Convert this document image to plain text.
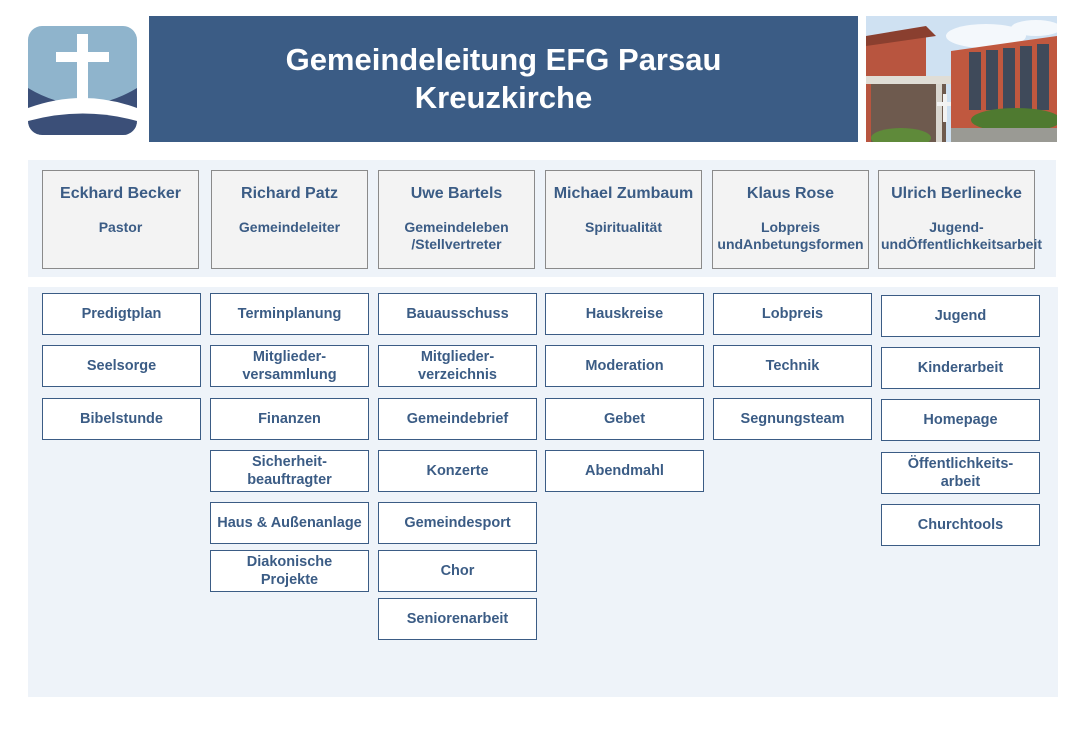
Gemeindeleitung EFG Parsau
Kreuzkirche
Eckhard Becker
Pastor
Richard Patz
Gemeindeleiter
Uwe Bartels
Gemeindeleben /Stellvertreter
Michael Zumbaum
Spiritualität
Klaus Rose
Lobpreis undAnbetungsformen
Ulrich Berlinecke
Jugend- undÖffentlichkeitsarbeit
Predigtplan
Seelsorge
Bibelstunde
Terminplanung
Mitglieder-
versammlung
Finanzen
Sicherheit-
beauftragter
Haus & Außenanlage
Diakonische
Projekte
Bauausschuss
Mitglieder-
verzeichnis
Gemeindebrief
Konzerte
Gemeindesport
Chor
Seniorenarbeit
Hauskreise
Moderation
Gebet
Abendmahl
Lobpreis
Technik
Segnungsteam
Jugend
Kinderarbeit
Homepage
Öffentlichkeits-
arbeit
Churchtools
